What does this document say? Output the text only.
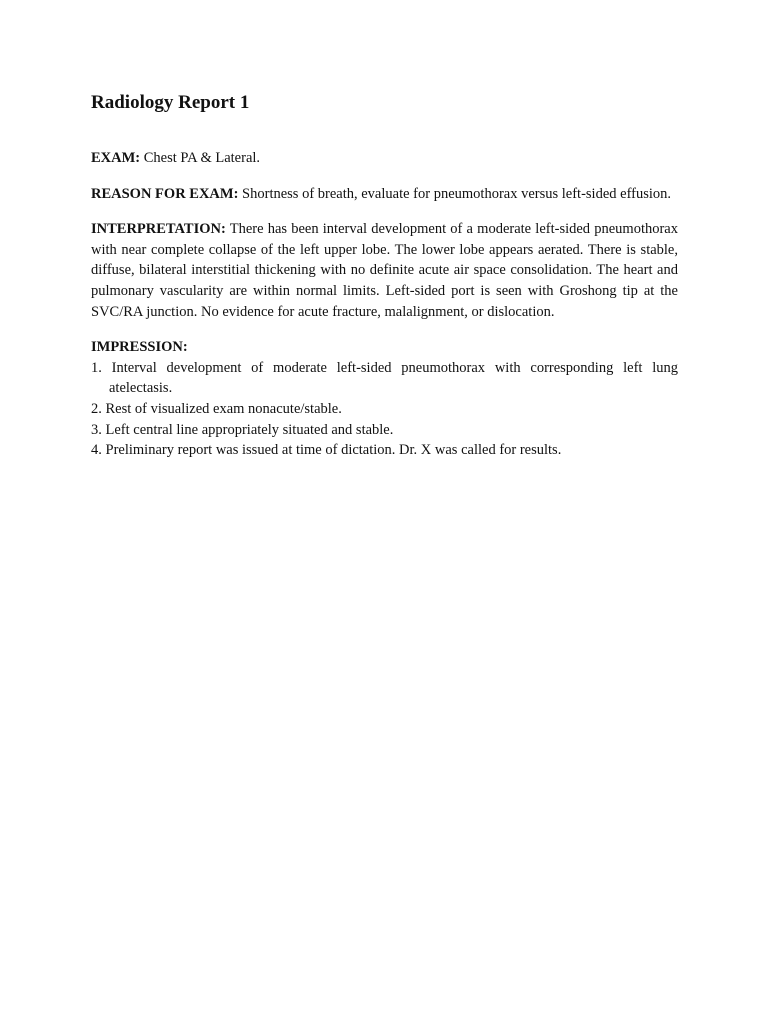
Radiology Report 1

EXAM: Chest PA & Lateral.

REASON FOR EXAM: Shortness of breath, evaluate for pneumothorax versus left-sided effusion.

INTERPRETATION: There has been interval development of a moderate left-sided pneumothorax with near complete collapse of the left upper lobe. The lower lobe appears aerated. There is stable, diffuse, bilateral interstitial thickening with no definite acute air space consolidation. The heart and pulmonary vascularity are within normal limits. Left-sided port is seen with Groshong tip at the SVC/RA junction. No evidence for acute fracture, malalignment, or dislocation.

IMPRESSION:
1. Interval development of moderate left-sided pneumothorax with corresponding left lung atelectasis.
2. Rest of visualized exam nonacute/stable.
3. Left central line appropriately situated and stable.
4. Preliminary report was issued at time of dictation. Dr. X was called for results.
